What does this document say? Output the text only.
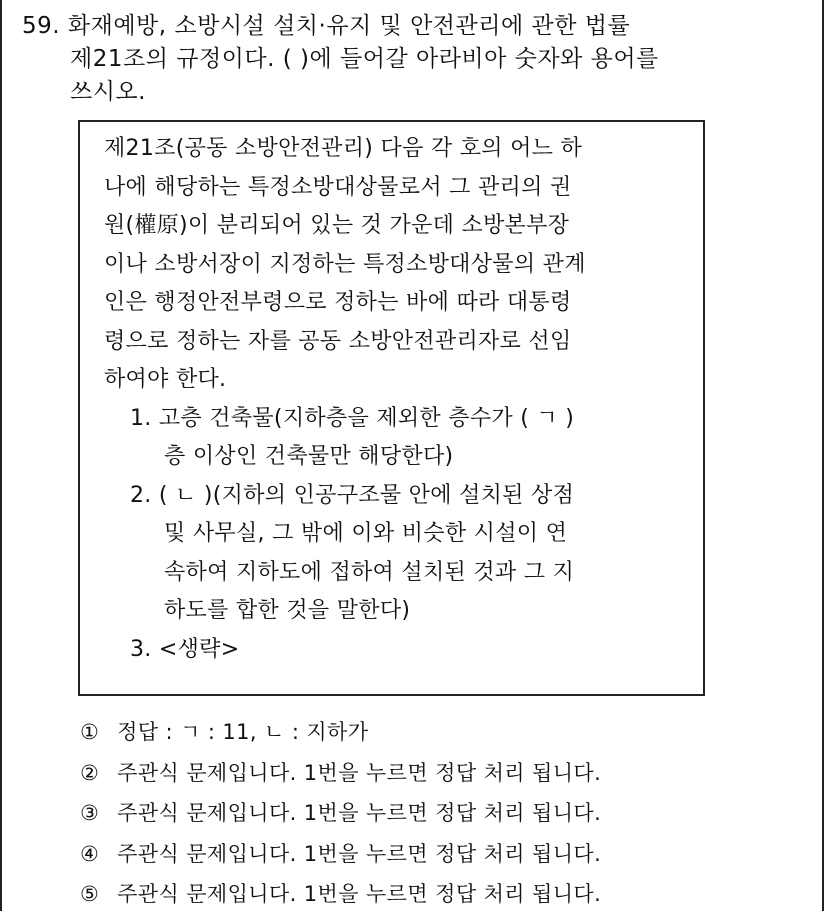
59. 화재예방, 소방시설 설치·유지 및 안전관리에 관한 법률
제21조의 규정이다. ( )에 들어갈 아라비아 숫자와 용어를
쓰시오.
제21조(공동 소방안전관리) 다음 각 호의 어느 하
나에 해당하는 특정소방대상물로서 그 관리의 권
원(權原)이 분리되어 있는 것 가운데 소방본부장
이나 소방서장이 지정하는 특정소방대상물의 관계
인은 행정안전부령으로 정하는 바에 따라 대통령
령으로 정하는 자를 공동 소방안전관리자로 선임
하여야 한다.
1. 고층 건축물(지하층을 제외한 층수가 ( ㄱ )
층 이상인 건축물만 해당한다)
2. ( ㄴ )(지하의 인공구조물 안에 설치된 상점
및 사무실, 그 밖에 이와 비슷한 시설이 연
속하여 지하도에 접하여 설치된 것과 그 지
하도를 합한 것을 말한다)
3. <생략>
① 정답 : ㄱ : 11, ㄴ : 지하가
② 주관식 문제입니다. 1번을 누르면 정답 처리 됩니다.
③ 주관식 문제입니다. 1번을 누르면 정답 처리 됩니다.
④ 주관식 문제입니다. 1번을 누르면 정답 처리 됩니다.
⑤ 주관식 문제입니다. 1번을 누르면 정답 처리 됩니다.
